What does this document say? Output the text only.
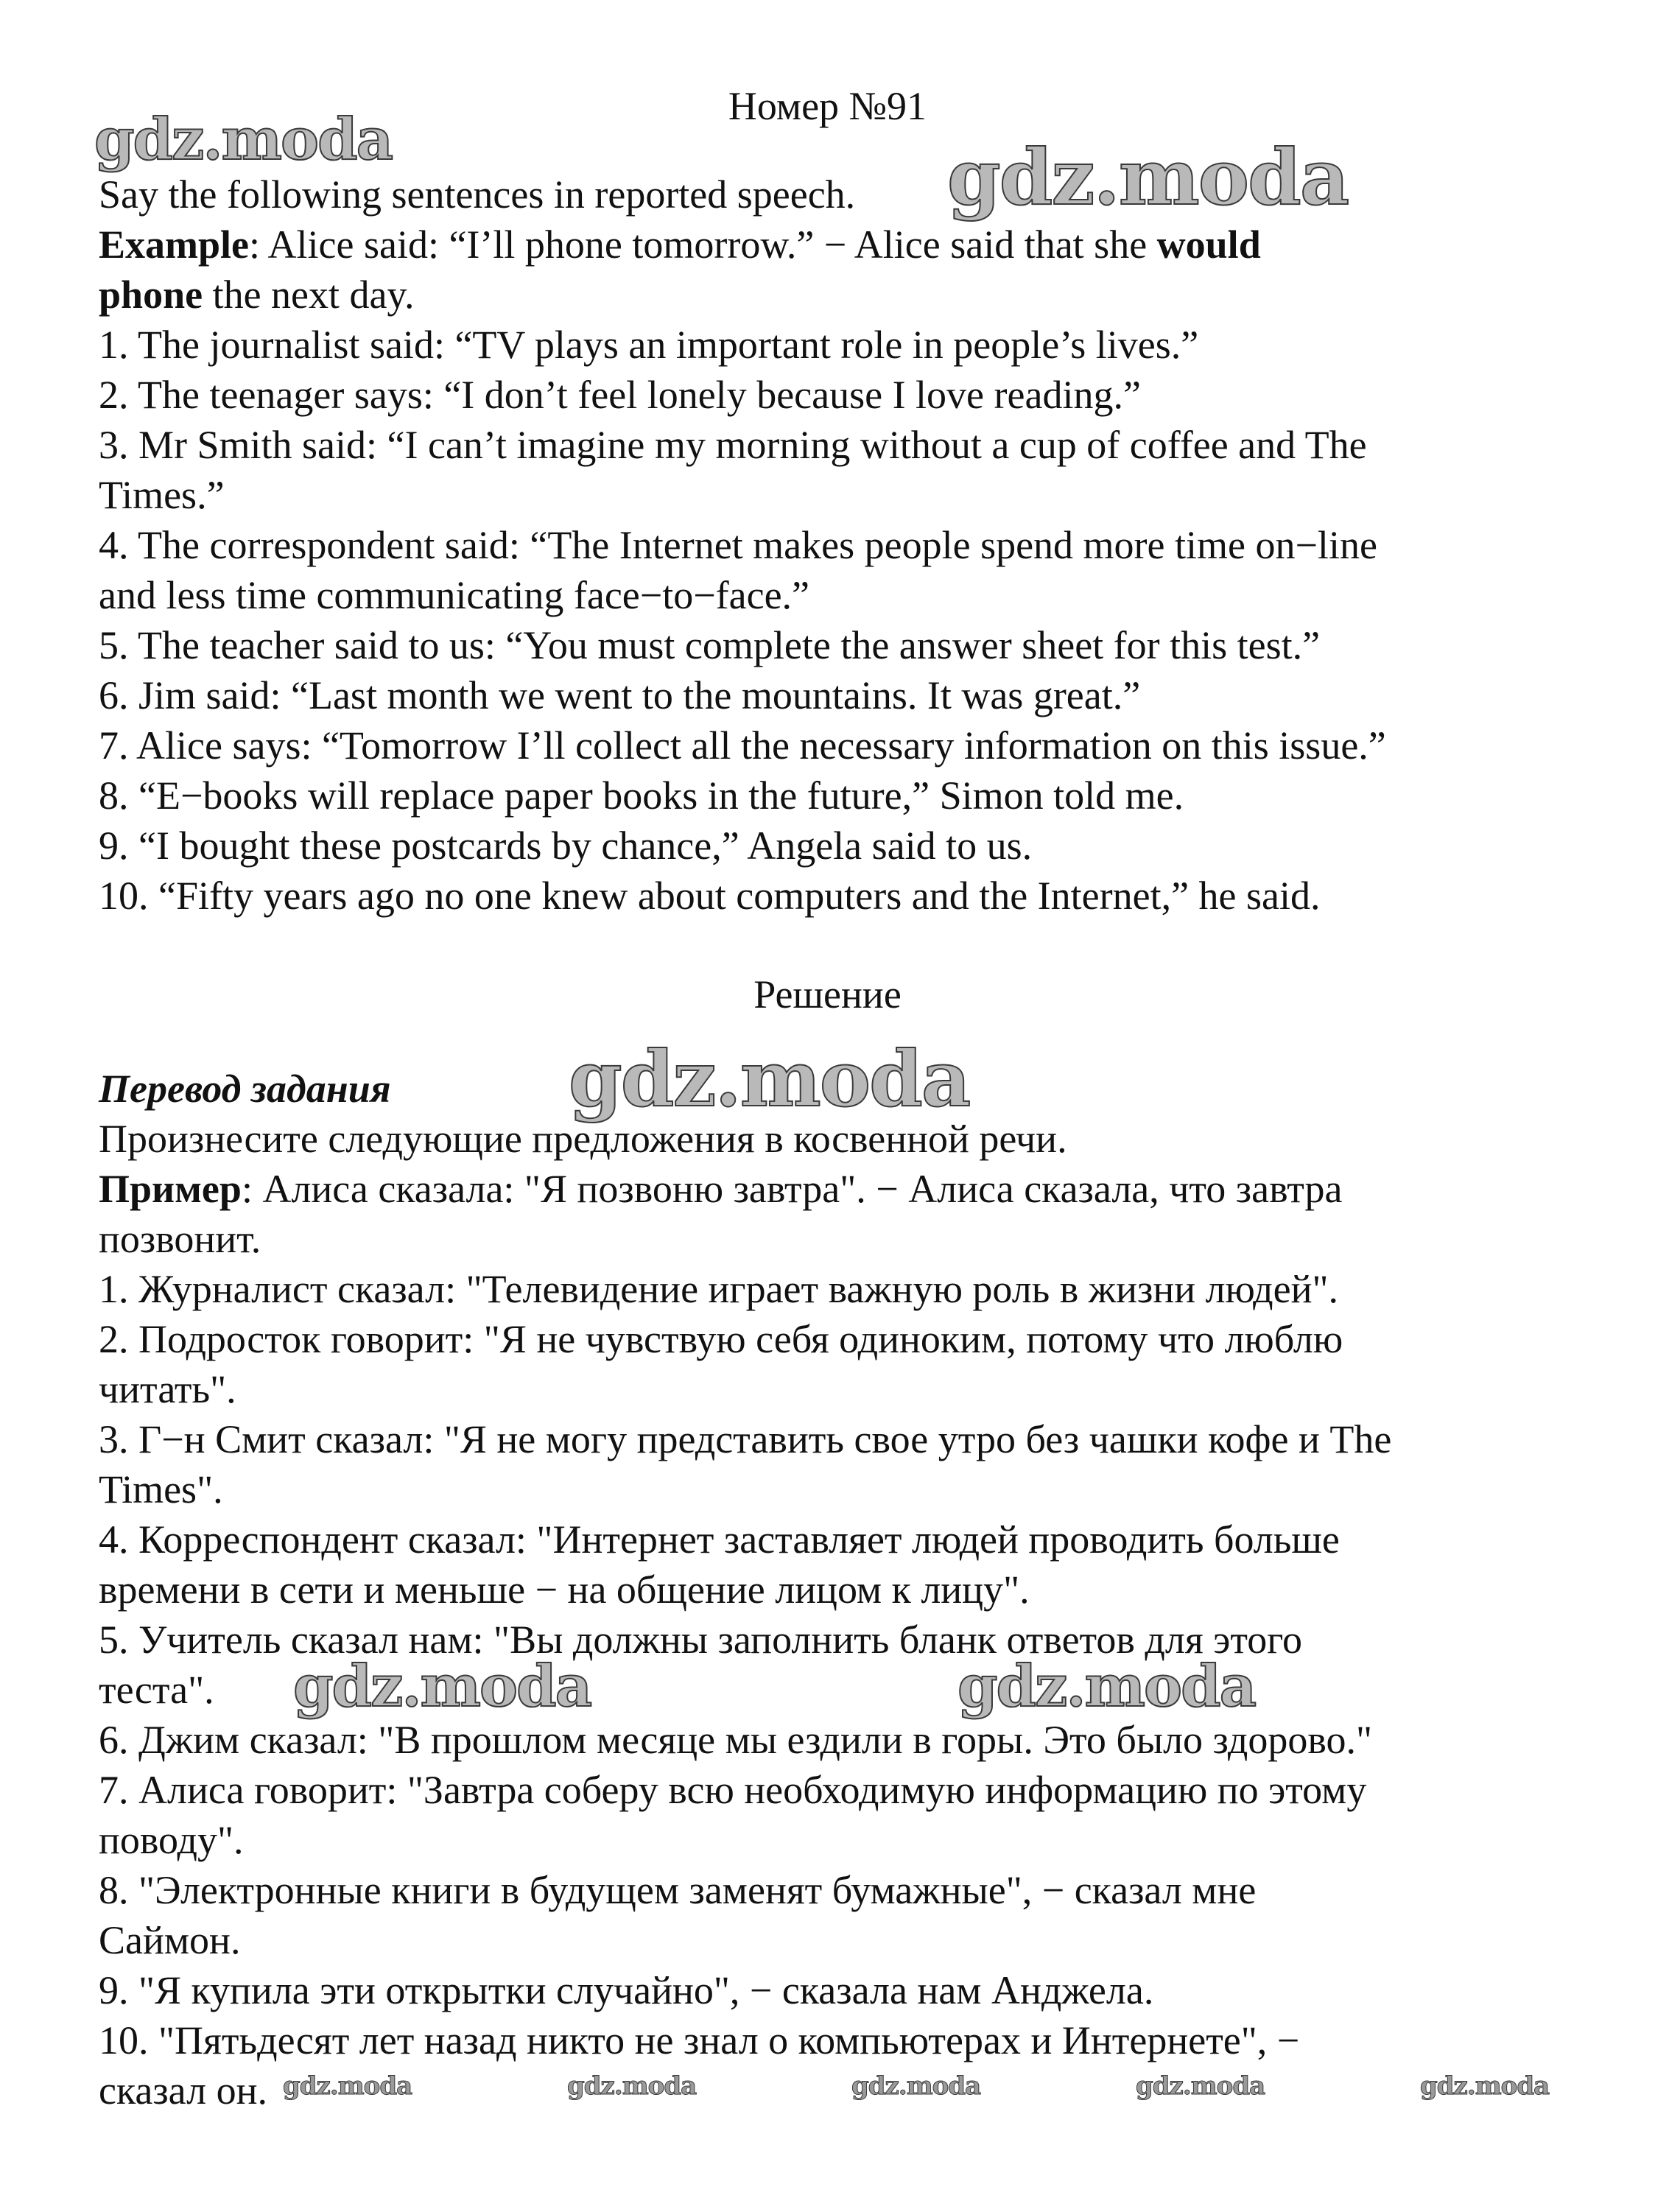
Номер №91
Say the following sentences in reported speech.
Example: Alice said: “I’ll phone tomorrow.” − Alice said that she would
phone the next day.
1. The journalist said: “TV plays an important role in people’s lives.”
2. The teenager says: “I don’t feel lonely because I love reading.”
3. Mr Smith said: “I can’t imagine my morning without a cup of coffee and The
Times.”
4. The correspondent said: “The Internet makes people spend more time on−line
and less time communicating face−to−face.”
5. The teacher said to us: “You must complete the answer sheet for this test.”
6. Jim said: “Last month we went to the mountains. It was great.”
7. Alice says: “Tomorrow I’ll collect all the necessary information on this issue.”
8. “E−books will replace paper books in the future,” Simon told me.
9. “I bought these postcards by chance,” Angela said to us.
10. “Fifty years ago no one knew about computers and the Internet,” he said.
Решение
Перевод задания
Произнесите следующие предложения в косвенной речи.
Пример: Алиса сказала: "Я позвоню завтра". − Алиса сказала, что завтра
позвонит.
1. Журналист сказал: "Телевидение играет важную роль в жизни людей".
2. Подросток говорит: "Я не чувствую себя одиноким, потому что люблю
читать".
3. Г−н Смит сказал: "Я не могу представить свое утро без чашки кофе и The
Times".
4. Корреспондент сказал: "Интернет заставляет людей проводить больше
времени в сети и меньше − на общение лицом к лицу".
5. Учитель сказал нам: "Вы должны заполнить бланк ответов для этого
теста".
6. Джим сказал: "В прошлом месяце мы ездили в горы. Это было здорово."
7. Алиса говорит: "Завтра соберу всю необходимую информацию по этому
поводу".
8. "Электронные книги в будущем заменят бумажные", − сказал мне
Саймон.
9. "Я купила эти открытки случайно", − сказала нам Анджела.
10. "Пятьдесят лет назад никто не знал о компьютерах и Интернете", −
сказал он.
gdz.moda	gdz.moda
gdz.moda
gdz.moda	gdz.moda
gdz.moda	gdz.moda	gdz.moda	gdz.moda	gdz.moda
